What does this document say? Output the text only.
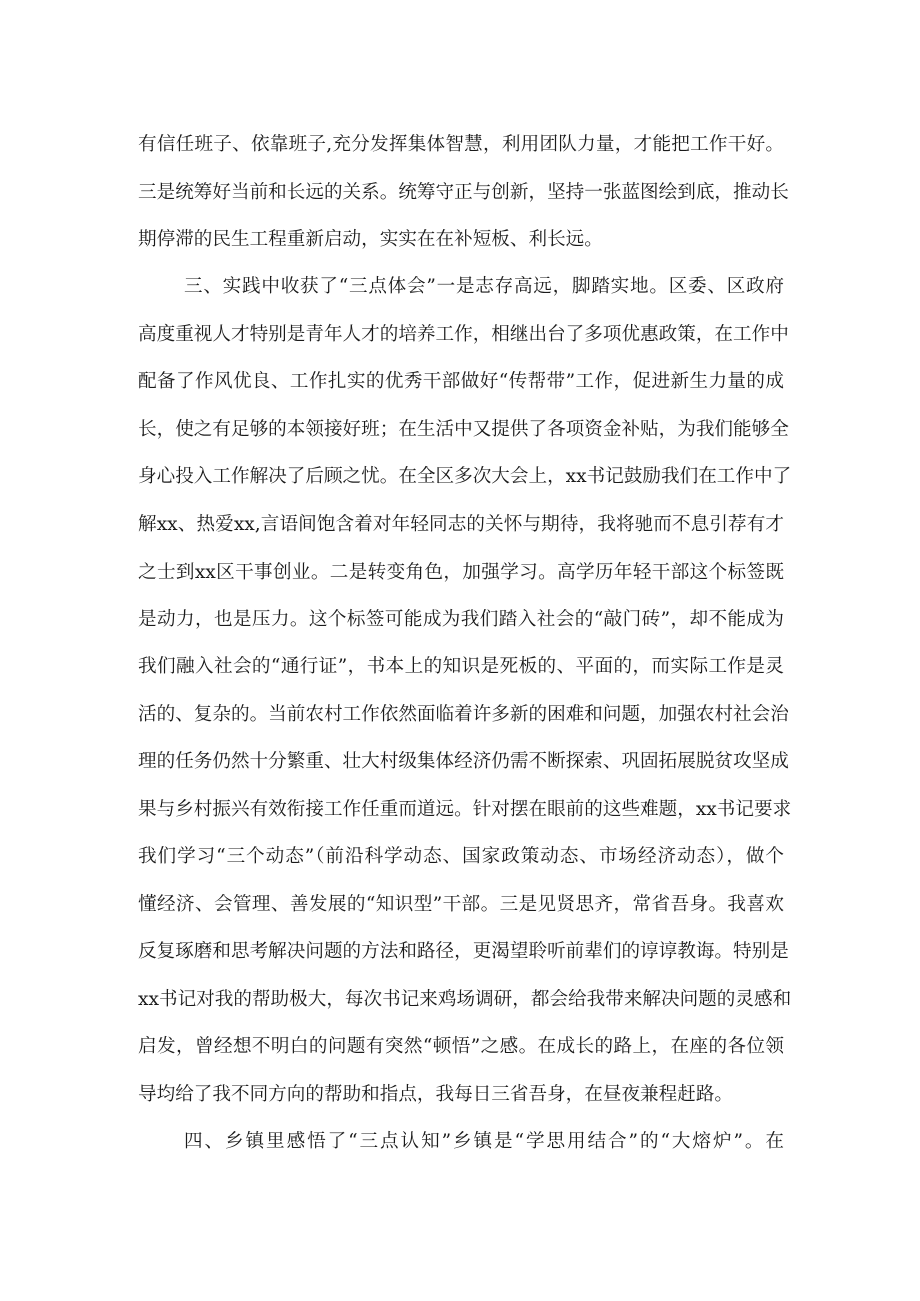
有信任班子、依靠班子,充分发挥集体智慧，利用团队力量，才能把工作干好。
三是统筹好当前和长远的关系。统筹守正与创新，坚持一张蓝图绘到底，推动长
期停滞的民生工程重新启动，实实在在补短板、利长远。
三、实践中收获了“三点体会”一是志存高远，脚踏实地。区委、区政府
高度重视人才特别是青年人才的培养工作，相继出台了多项优惠政策，在工作中
配备了作风优良、工作扎实的优秀干部做好“传帮带”工作，促进新生力量的成
长，使之有足够的本领接好班；在生活中又提供了各项资金补贴，为我们能够全
身心投入工作解决了后顾之忧。在全区多次大会上，xx书记鼓励我们在工作中了
解xx、热爱xx,言语间饱含着对年轻同志的关怀与期待，我将驰而不息引荐有才
之士到xx区干事创业。二是转变角色，加强学习。高学历年轻干部这个标签既
是动力，也是压力。这个标签可能成为我们踏入社会的“敲门砖”，却不能成为
我们融入社会的“通行证”，书本上的知识是死板的、平面的，而实际工作是灵
活的、复杂的。当前农村工作依然面临着许多新的困难和问题，加强农村社会治
理的任务仍然十分繁重、壮大村级集体经济仍需不断探索、巩固拓展脱贫攻坚成
果与乡村振兴有效衔接工作任重而道远。针对摆在眼前的这些难题，xx书记要求
我们学习“三个动态”（前沿科学动态、国家政策动态、市场经济动态），做个
懂经济、会管理、善发展的“知识型”干部。三是见贤思齐，常省吾身。我喜欢
反复琢磨和思考解决问题的方法和路径，更渴望聆听前辈们的谆谆教诲。特别是
xx书记对我的帮助极大，每次书记来鸡场调研，都会给我带来解决问题的灵感和
启发，曾经想不明白的问题有突然“顿悟”之感。在成长的路上，在座的各位领
导均给了我不同方向的帮助和指点，我每日三省吾身，在昼夜兼程赶路。
四、乡镇里感悟了“三点认知”乡镇是“学思用结合”的“大熔炉”。在
